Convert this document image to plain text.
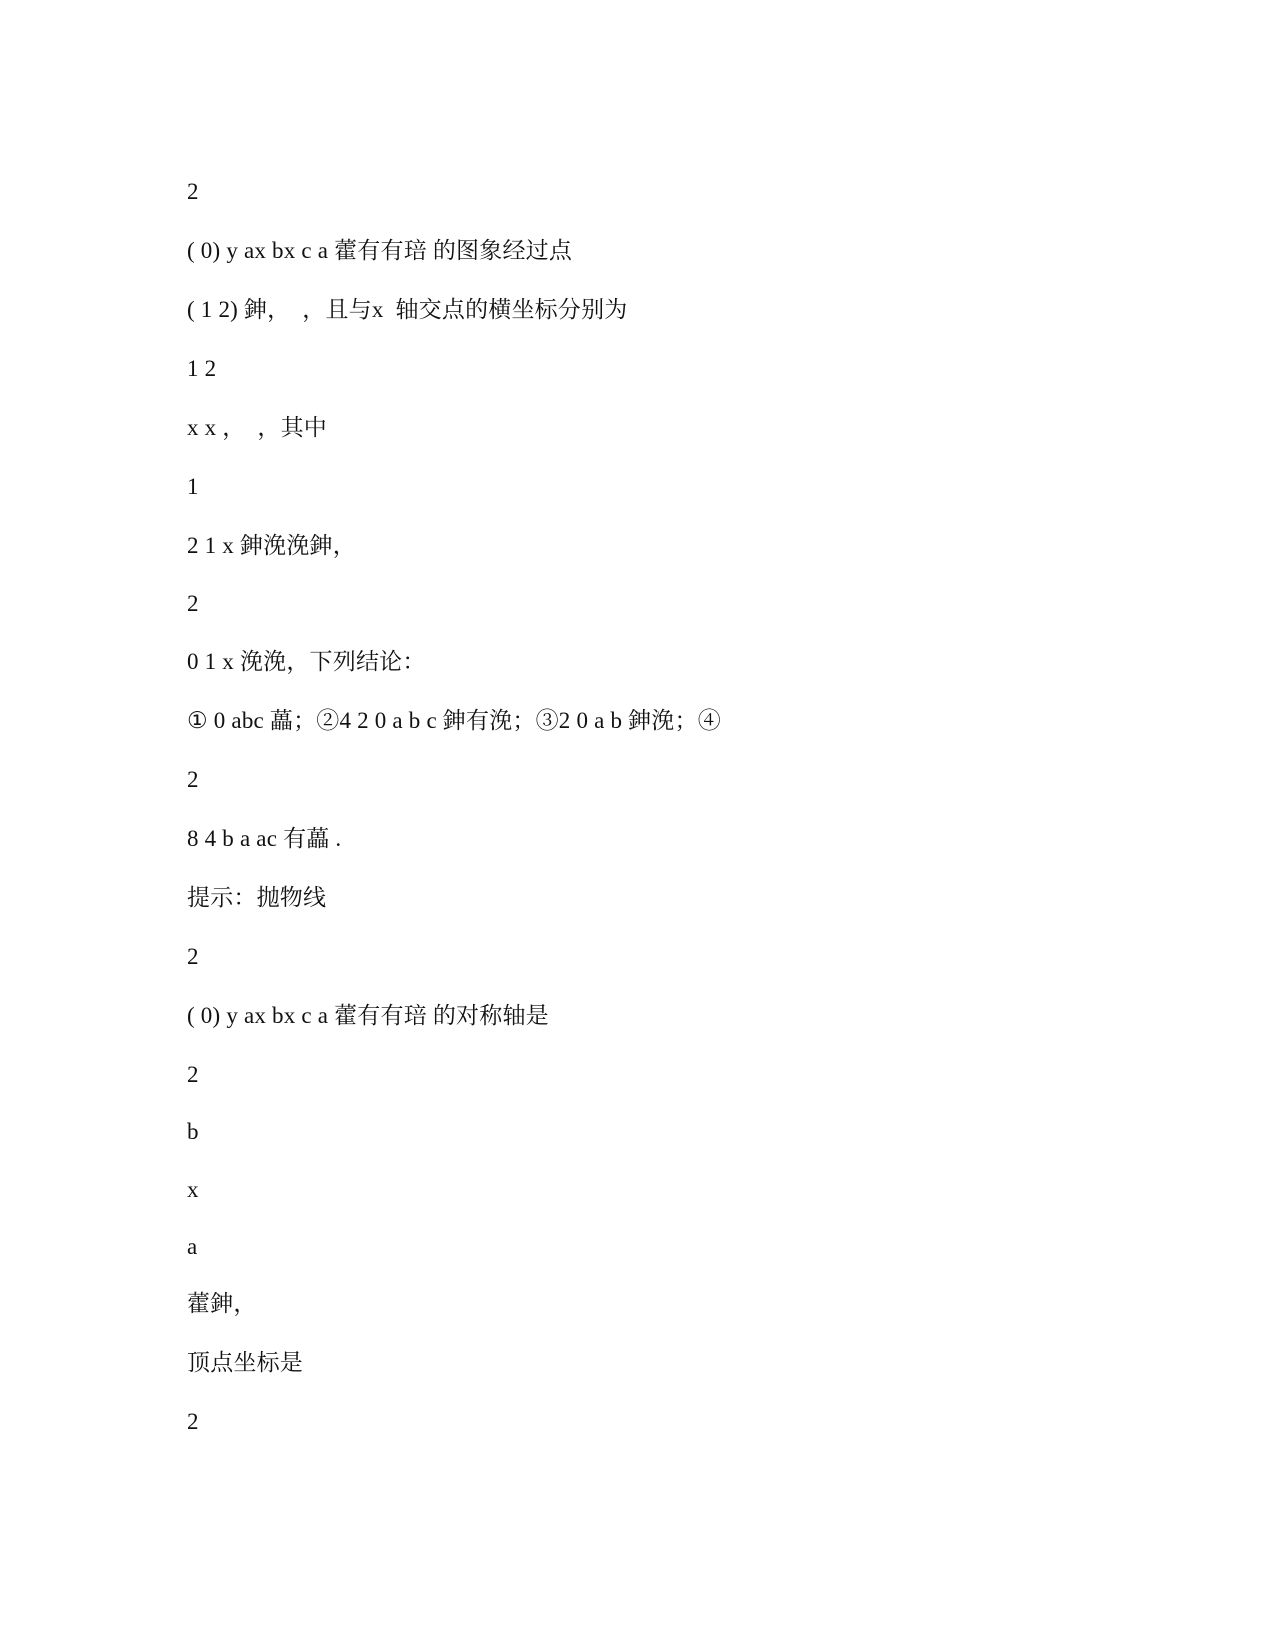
2
( 0) y ax bx c a 藿有有琣 的图象经过点
( 1 2) 鉮，  ，且与x  轴交点的横坐标分别为
1 2
x x ，  ，其中
1
2 1 x 鉮浼浼鉮，
2
0 1 x 浼浼，下列结论：
① 0 abc 藟；②4 2 0 a b c 鉮有浼；③2 0 a b 鉮浼；④
2
8 4 b a ac 有藟 .
提示：抛物线
2
( 0) y ax bx c a 藿有有琣 的对称轴是
2
b
x
a
藿鉮，
顶点坐标是
2
